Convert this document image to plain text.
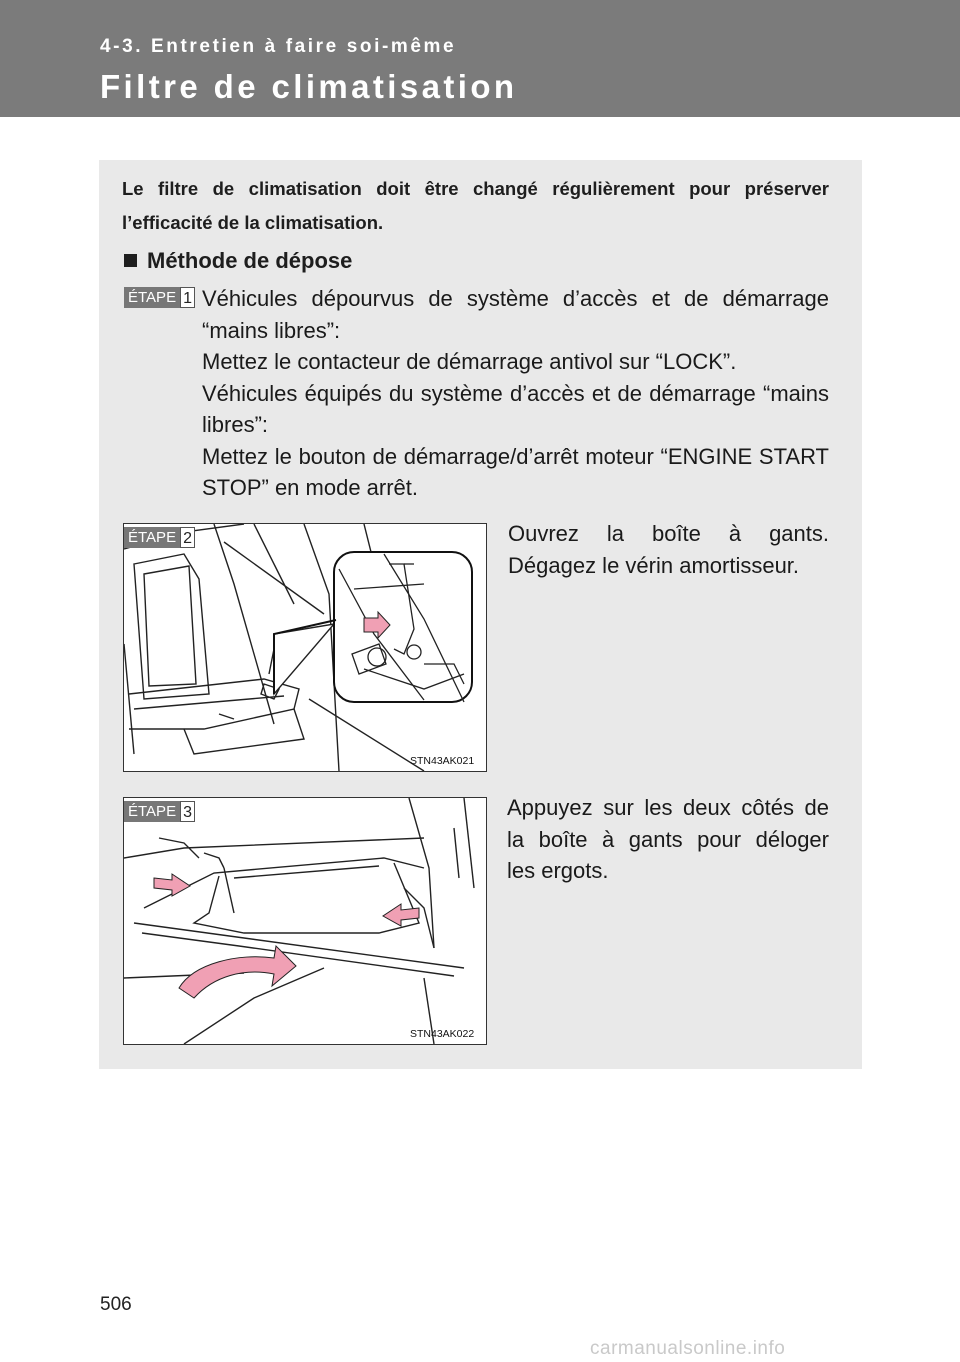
4-3. Entretien à faire soi-même
Filtre de climatisation
Le filtre de climatisation doit être changé régulièrement pour préserver l’efficacité de la climatisation.
Méthode de dépose
ÉTAPE 1 Véhicules dépourvus de système d’accès et de démarrage “mains libres”:

Mettez le contacteur de démarrage antivol sur “LOCK”.

Véhicules équipés du système d’accès et de démarrage “mains libres”:

Mettez le bouton de démarrage/d’arrêt moteur “ENGINE START STOP” en mode arrêt.

STN43AK021
ÉTAPE 2	Ouvrez la boîte à gants.
Dégagez le vérin amortisseur.
STN43AK022
ÉTAPE 3	Appuyez sur les deux côtés de
la boîte à gants pour déloger
les ergots.
506
carmanualsonline.info
